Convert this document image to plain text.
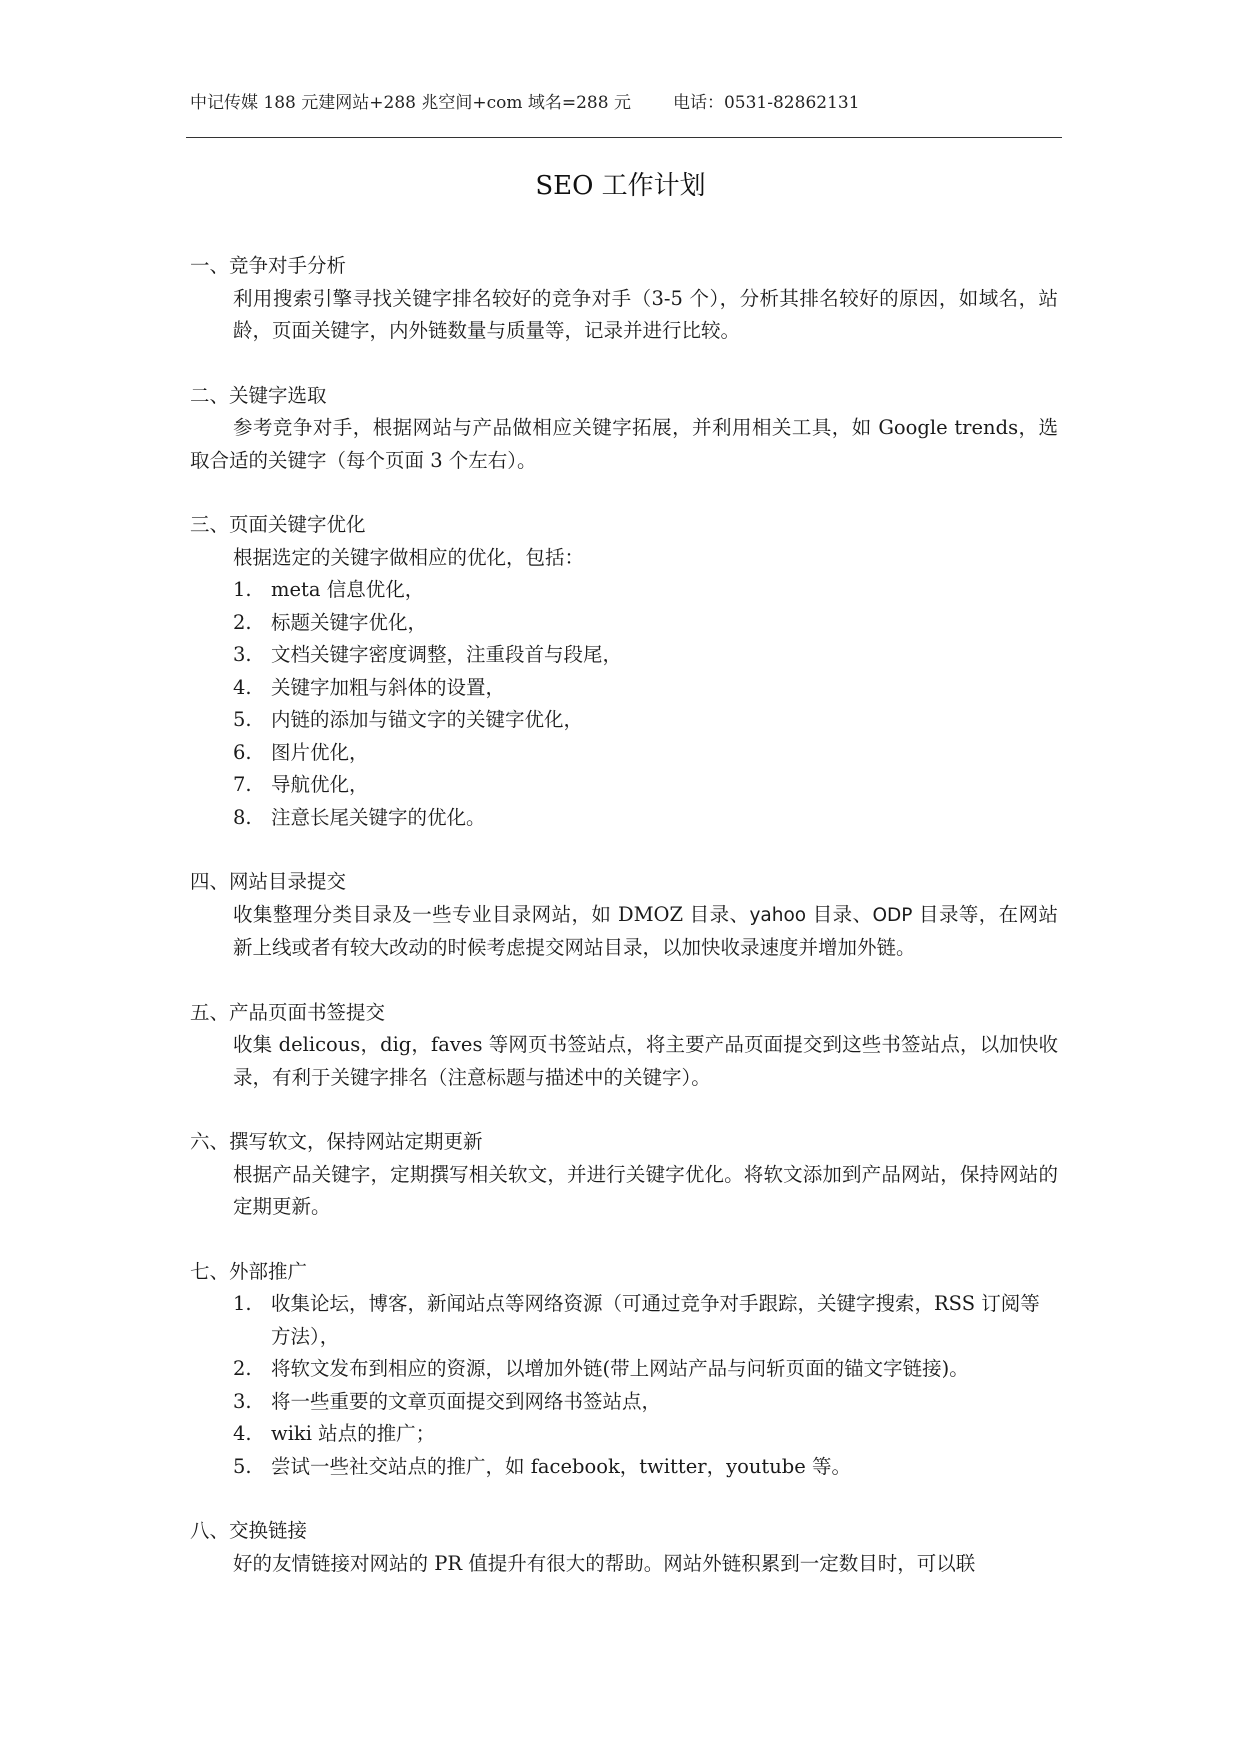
中记传媒 188 元建网站+288 兆空间+com 域名=288 元 电话：0531-82862131
SEO 工作计划
一、竞争对手分析
利用搜索引擎寻找关键字排名较好的竞争对手（3-5 个），分析其排名较好的原因，如域名，站龄，页面关键字，内外链数量与质量等，记录并进行比较。
二、关键字选取
参考竞争对手，根据网站与产品做相应关键字拓展，并利用相关工具，如 Google trends，选取合适的关键字（每个页面 3 个左右）。
三、页面关键字优化
根据选定的关键字做相应的优化，包括：
1. meta 信息优化，
2. 标题关键字优化，
3. 文档关键字密度调整，注重段首与段尾，
4. 关键字加粗与斜体的设置，
5. 内链的添加与锚文字的关键字优化，
6. 图片优化，
7. 导航优化，
8. 注意长尾关键字的优化。
四、网站目录提交
收集整理分类目录及一些专业目录网站，如 DMOZ 目录、yahoo 目录、ODP 目录等，在网站新上线或者有较大改动的时候考虑提交网站目录，以加快收录速度并增加外链。
五、产品页面书签提交
收集 delicous，dig，faves 等网页书签站点，将主要产品页面提交到这些书签站点，以加快收录，有利于关键字排名（注意标题与描述中的关键字）。
六、撰写软文，保持网站定期更新
根据产品关键字，定期撰写相关软文，并进行关键字优化。将软文添加到产品网站，保持网站的定期更新。
七、外部推广
1. 收集论坛，博客，新闻站点等网络资源（可通过竞争对手跟踪，关键字搜索，RSS 订阅等方法），
2. 将软文发布到相应的资源，以增加外链(带上网站产品与问斩页面的锚文字链接)。
3. 将一些重要的文章页面提交到网络书签站点，
4. wiki 站点的推广；
5. 尝试一些社交站点的推广，如 facebook，twitter，youtube 等。
八、交换链接
好的友情链接对网站的 PR 值提升有很大的帮助。网站外链积累到一定数目时，可以联
